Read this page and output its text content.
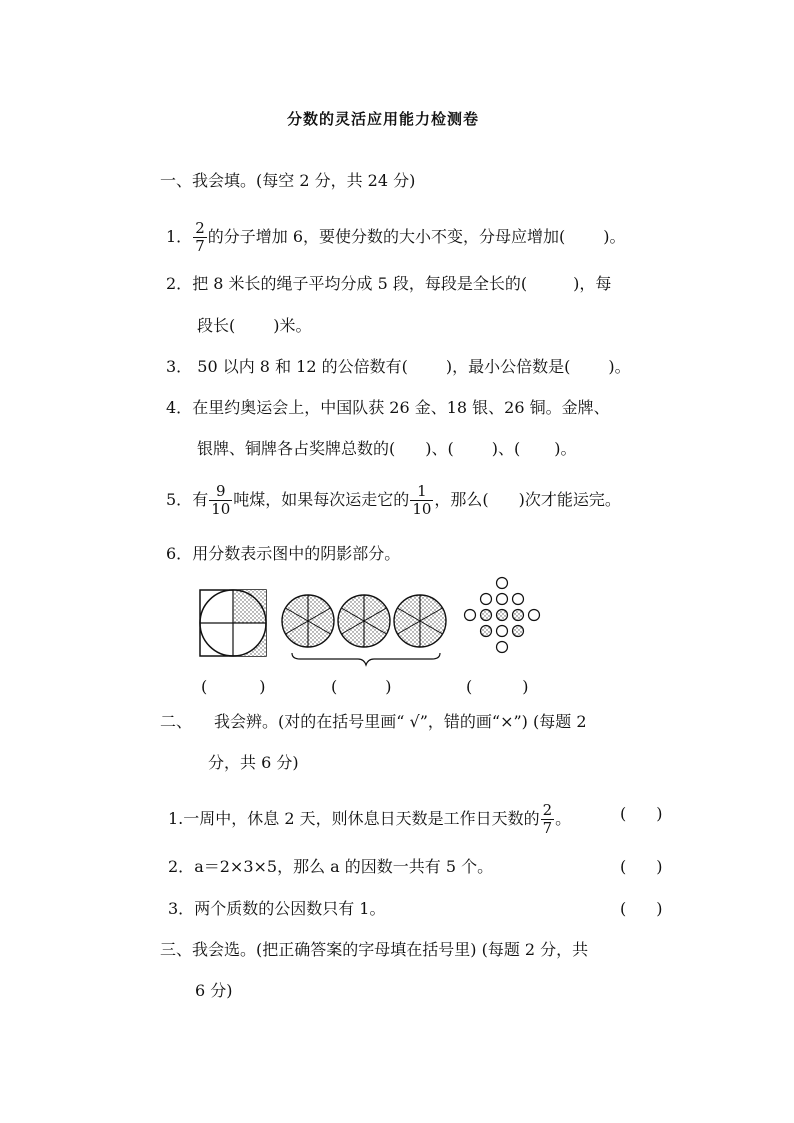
分数的灵活应用能力检测卷
一、我会填。(每空 2 分，共 24 分)
1． $\frac{2}{7}$ 的分子增加 6，要使分数的大小不变，分母应增加( )。
2．把 8 米长的绳子平均分成 5 段，每段是全长的(	)，每
段长( )米。
3． 50 以内 8 和 12 的公倍数有( )，最小公倍数是( )。
4．在里约奥运会上，中国队获 26 金、18 银、26 铜。金牌、
银牌、铜牌各占奖牌总数的( )、( )、( )。
5．有 $\frac{9}{10}$ 吨煤，如果每次运走它的 $\frac{1}{10}$ ，那么( )次才能运完。
6．用分数表示图中的阴影部分。
(	)	(	)	(	)
二、 我会辨。(对的在括号里画“ √”，错的画“×”) (每题 2
分，共 6 分)
1.一周中，休息 2 天，则休息日天数是工作日天数的 $\frac{2}{7}$ 。	( )
2．a＝2×3×5，那么 a 的因数一共有 5 个。	( )
3．两个质数的公因数只有 1。	( )
三、我会选。(把正确答案的字母填在括号里) (每题 2 分，共
6 分)
